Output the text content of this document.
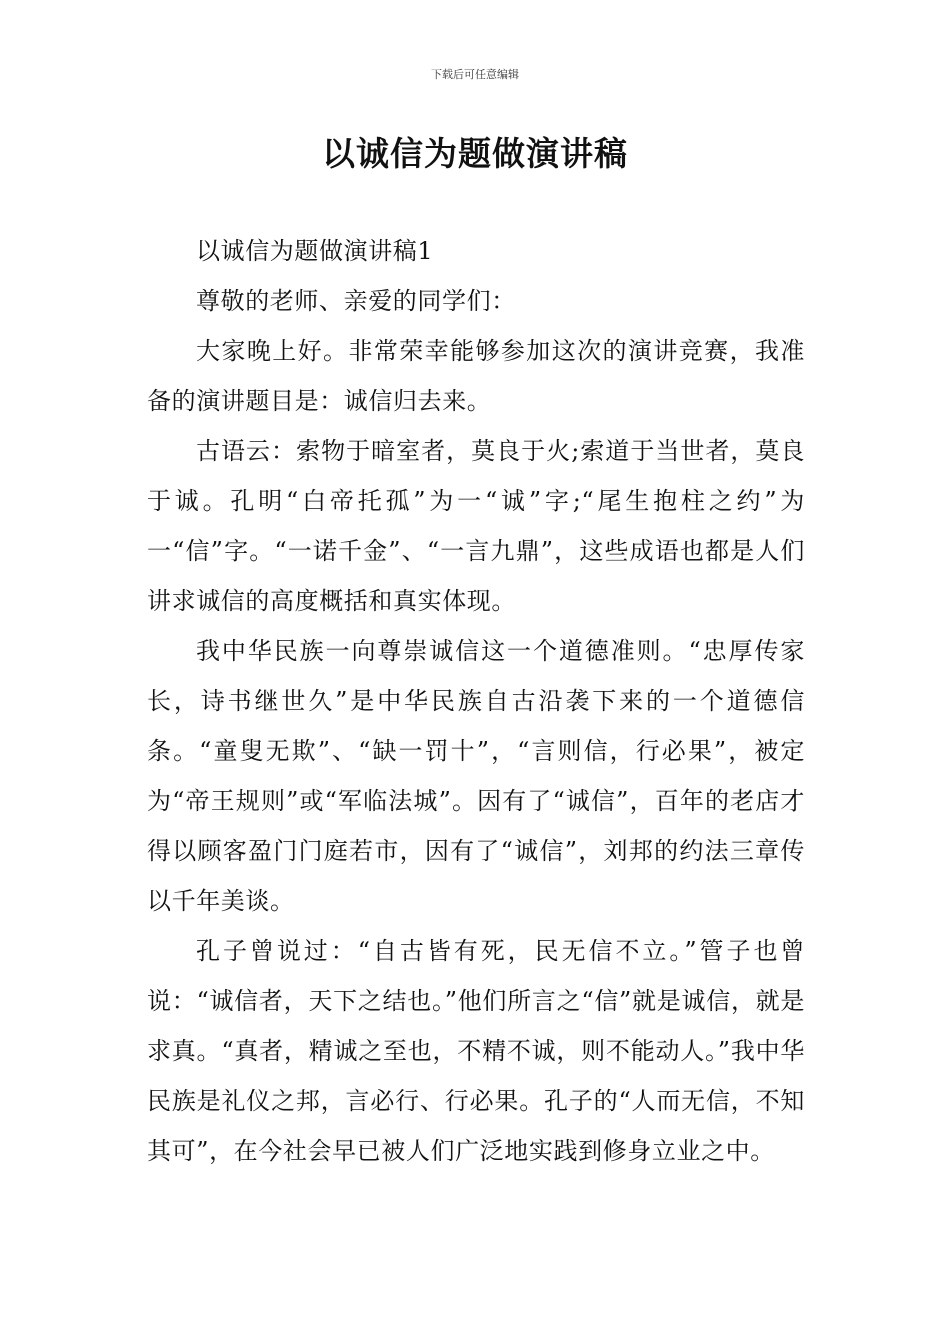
下载后可任意编辑
以诚信为题做演讲稿

以诚信为题做演讲稿1

尊敬的老师、亲爱的同学们：

大家晚上好。非常荣幸能够参加这次的演讲竞赛，我准备的演讲题目是：诚信归去来。

古语云：索物于暗室者，莫良于火;索道于当世者，莫良于诚。孔明“白帝托孤”为一“诚”字;“尾生抱柱之约”为一“信”字。“一诺千金”、“一言九鼎”，这些成语也都是人们讲求诚信的高度概括和真实体现。

我中华民族一向尊崇诚信这一个道德准则。“忠厚传家长，诗书继世久”是中华民族自古沿袭下来的一个道德信条。“童叟无欺”、“缺一罚十”，“言则信，行必果”，被定为“帝王规则”或“军临法城”。因有了“诚信”，百年的老店才得以顾客盈门门庭若市，因有了“诚信”，刘邦的约法三章传以千年美谈。

孔子曾说过：“自古皆有死，民无信不立。”管子也曾说：“诚信者，天下之结也。”他们所言之“信”就是诚信，就是求真。“真者，精诚之至也，不精不诚，则不能动人。”我中华民族是礼仪之邦，言必行、行必果。孔子的“人而无信，不知其可”，在今社会早已被人们广泛地实践到修身立业之中。
